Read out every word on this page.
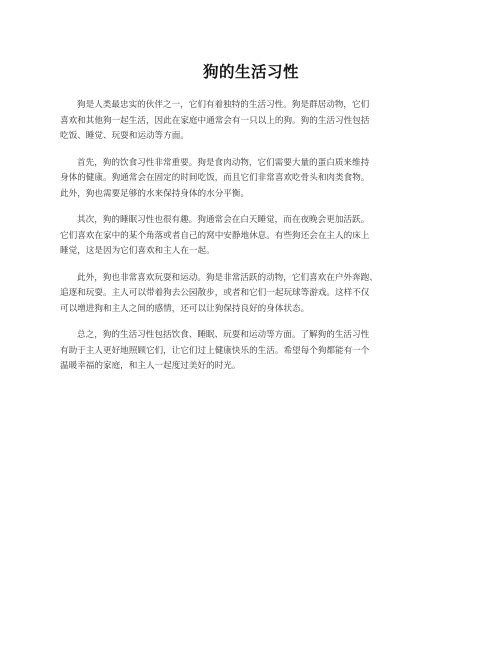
狗的生活习性

狗是人类最忠实的伙伴之一，它们有着独特的生活习性。狗是群居动物，它们
喜欢和其他狗一起生活，因此在家庭中通常会有一只以上的狗。狗的生活习性包括
吃饭、睡觉、玩耍和运动等方面。

首先，狗的饮食习性非常重要。狗是食肉动物，它们需要大量的蛋白质来维持
身体的健康。狗通常会在固定的时间吃饭，而且它们非常喜欢吃骨头和肉类食物。
此外，狗也需要足够的水来保持身体的水分平衡。

其次，狗的睡眠习性也很有趣。狗通常会在白天睡觉，而在夜晚会更加活跃。
它们喜欢在家中的某个角落或者自己的窝中安静地休息。有些狗还会在主人的床上
睡觉，这是因为它们喜欢和主人在一起。

此外，狗也非常喜欢玩耍和运动。狗是非常活跃的动物，它们喜欢在户外奔跑、
追逐和玩耍。主人可以带着狗去公园散步，或者和它们一起玩球等游戏。这样不仅
可以增进狗和主人之间的感情，还可以让狗保持良好的身体状态。

总之，狗的生活习性包括饮食、睡眠、玩耍和运动等方面。了解狗的生活习性
有助于主人更好地照顾它们，让它们过上健康快乐的生活。希望每个狗都能有一个
温暖幸福的家庭，和主人一起度过美好的时光。
